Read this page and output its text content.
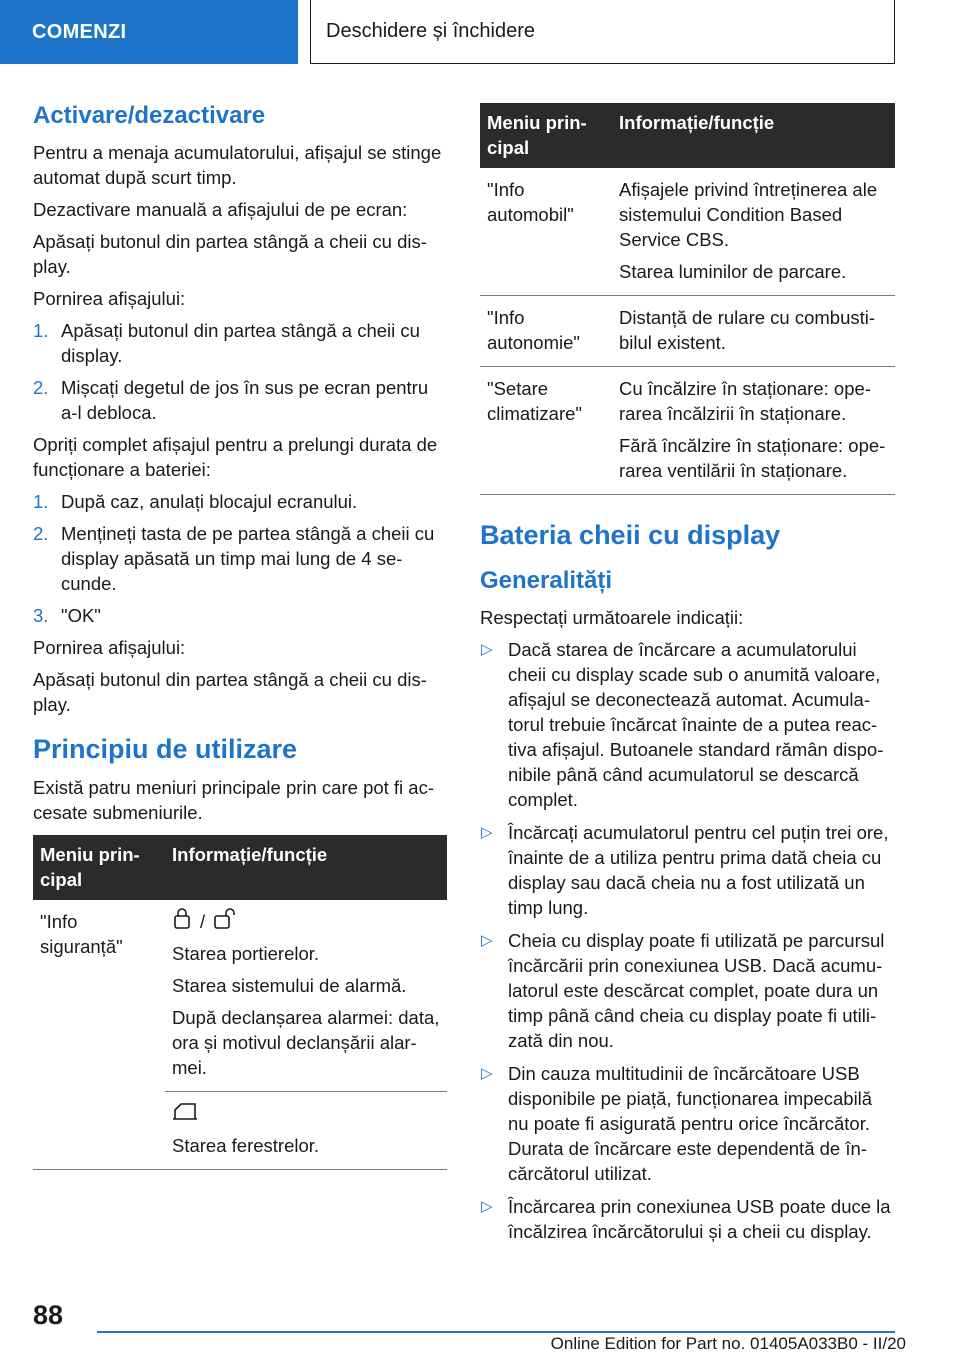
COMENZI	Deschidere și închidere
Activare/dezactivare

Pentru a menaja acumulatorului, afișajul se stinge automat după scurt timp.

Dezactivare manuală a afișajului de pe ecran:

Apăsați butonul din partea stângă a cheii cu display.

Pornirea afișajului:

1. Apăsați butonul din partea stângă a cheii cu display.
2. Mișcați degetul de jos în sus pe ecran pentru a-l debloca.

Opriți complet afișajul pentru a prelungi durata de funcționare a bateriei:

1. După caz, anulați blocajul ecranului.
2. Mențineți tasta de pe partea stângă a cheii cu display apăsată un timp mai lung de 4 secunde.
3. "OK"

Pornirea afișajului:

Apăsați butonul din partea stângă a cheii cu display.

Principiu de utilizare

Există patru meniuri principale prin care pot fi accesate submeniurile.

Meniu principal	Informație/funcție
"Info siguranță"	/

Starea portierelor.

Starea sistemului de alarmă.

După declanșarea alarmei: data, ora și motivul declanșării alarmei.

	Starea ferestrelor.

Meniu principal	Informație/funcție
"Info automobil"	Afișajele privind întreținerea ale sistemului Condition Based Service CBS.

Starea luminilor de parcare.

"Info autonomie"	Distanță de rulare cu combustibilul existent.

"Setare climatizare"	Cu încălzire în staționare: operarea încălzirii în staționare.

Fără încălzire în staționare: operarea ventilării în staționare.

Bateria cheii cu display
Generalități

Respectați următoarele indicații:

▷ Dacă starea de încărcare a acumulatorului cheii cu display scade sub o anumită valoare, afișajul se deconectează automat. Acumulatorul trebuie încărcat înainte de a putea reactiva afișajul. Butoanele standard rămân disponibile până când acumulatorul se descarcă complet.
▷ Încărcați acumulatorul pentru cel puțin trei ore, înainte de a utiliza pentru prima dată cheia cu display sau dacă cheia nu a fost utilizată un timp lung.
▷ Cheia cu display poate fi utilizată pe parcursul încărcării prin conexiunea USB. Dacă acumulatorul este descărcat complet, poate dura un timp până când cheia cu display poate fi utilizată din nou.
▷ Din cauza multitudinii de încărcătoare USB disponibile pe piață, funcționarea impecabilă nu poate fi asigurată pentru orice încărcător. Durata de încărcare este dependentă de încărcătorul utilizat.
▷ Încărcarea prin conexiunea USB poate duce la încălzirea încărcătorului și a cheii cu display.
88
Online Edition for Part no. 01405A033B0 - II/20
